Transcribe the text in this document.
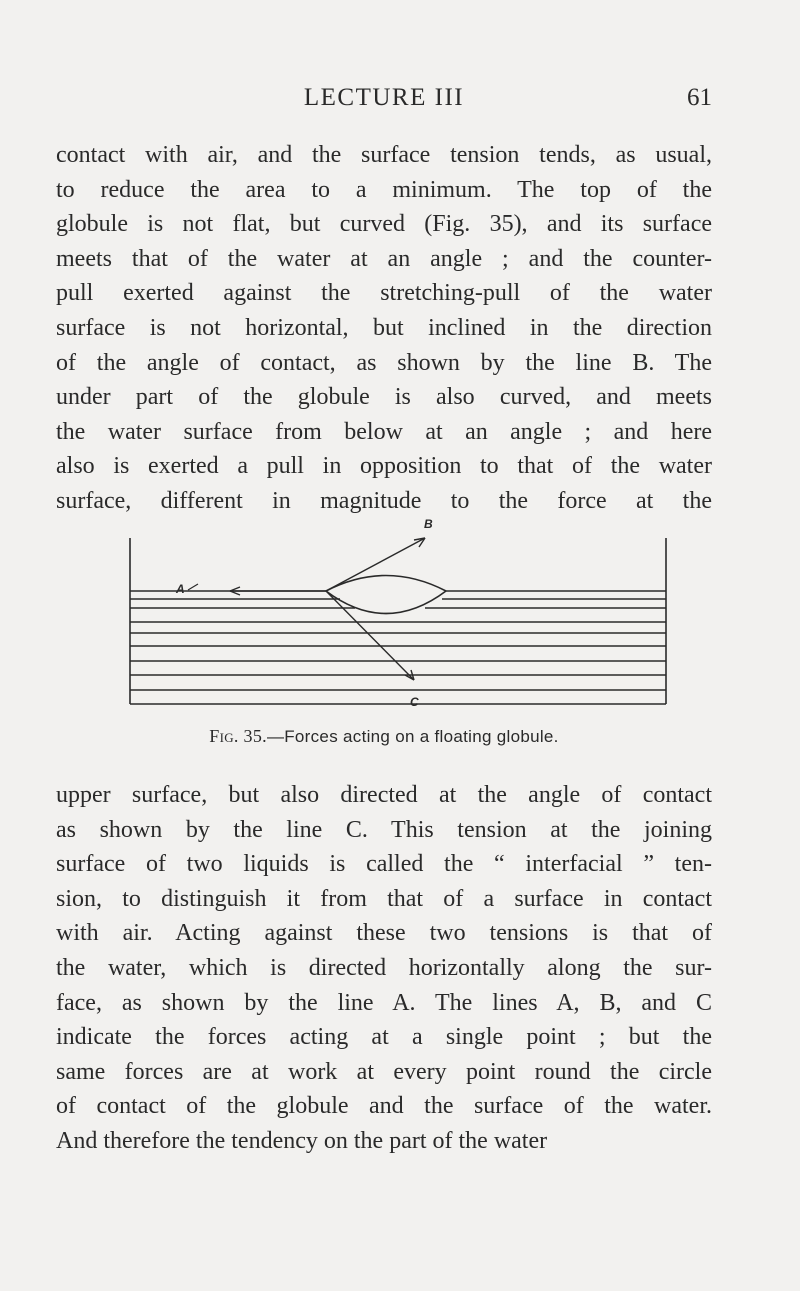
LECTURE III	61
contact with air, and the surface tension tends, as usual,
to reduce the area to a minimum. The top of the
globule is not flat, but curved (Fig. 35), and its surface
meets that of the water at an angle ; and the counter-
pull exerted against the stretching-pull of the water
surface is not horizontal, but inclined in the direction
of the angle of contact, as shown by the line B. The
under part of the globule is also curved, and meets
the water surface from below at an angle ; and here
also is exerted a pull in opposition to that of the water
surface, different in magnitude to the force at the
B
A
C
Fig. 35.—Forces acting on a floating globule.
upper surface, but also directed at the angle of contact
as shown by the line C. This tension at the joining
surface of two liquids is called the “ interfacial ” ten-
sion, to distinguish it from that of a surface in contact
with air. Acting against these two tensions is that of
the water, which is directed horizontally along the sur-
face, as shown by the line A. The lines A, B, and C
indicate the forces acting at a single point ; but the
same forces are at work at every point round the circle
of contact of the globule and the surface of the water.
And therefore the tendency on the part of the water
